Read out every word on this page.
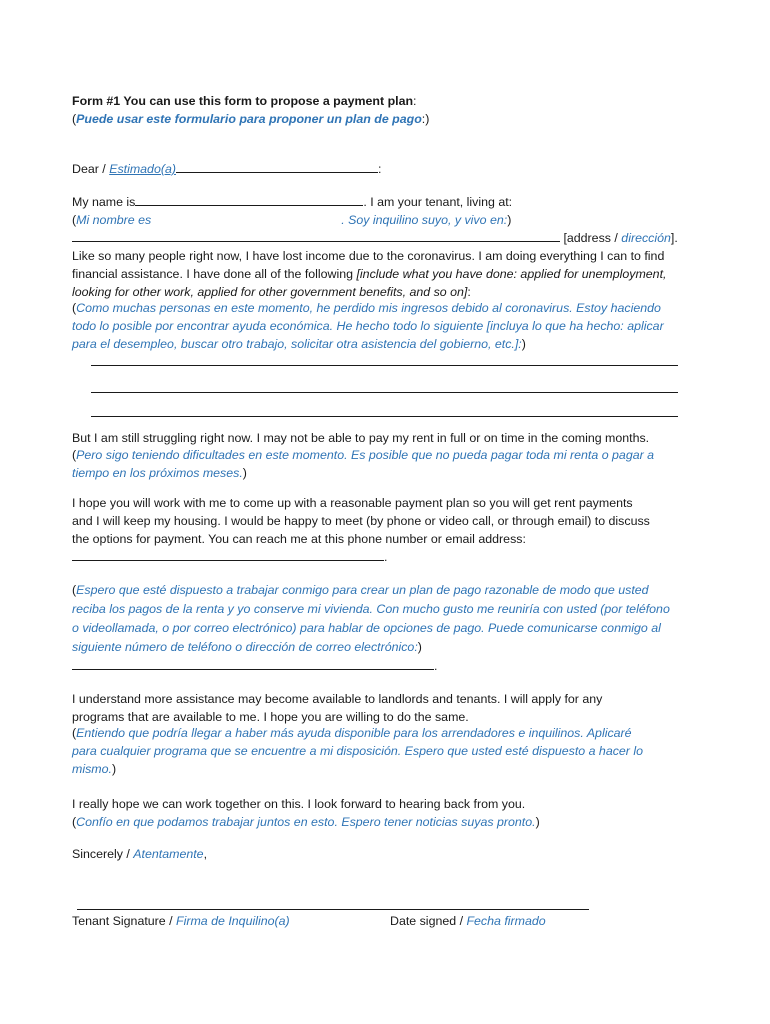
Form #1 You can use this form to propose a payment plan:
(Puede usar este formulario para proponer un plan de pago:)
Dear / Estimado(a)	:
My name is	. I am your tenant, living at:
(Mi nombre es	. Soy inquilino suyo, y vivo en:)
[address / dirección].
Like so many people right now, I have lost income due to the coronavirus. I am doing everything I can to find
financial assistance. I have done all of the following [include what you have done: applied for unemployment,
looking for other work, applied for other government benefits, and so on]:
(Como muchas personas en este momento, he perdido mis ingresos debido al coronavirus. Estoy haciendo
todo lo posible por encontrar ayuda económica. He hecho todo lo siguiente [incluya lo que ha hecho: aplicar
para el desempleo, buscar otro trabajo, solicitar otra asistencia del gobierno, etc.]:)
But I am still struggling right now. I may not be able to pay my rent in full or on time in the coming months.
(Pero sigo teniendo dificultades en este momento. Es posible que no pueda pagar toda mi renta o pagar a
tiempo en los próximos meses.)
I hope you will work with me to come up with a reasonable payment plan so you will get rent payments
and I will keep my housing. I would be happy to meet (by phone or video call, or through email) to discuss
the options for payment. You can reach me at this phone number or email address:
.
(Espero que esté dispuesto a trabajar conmigo para crear un plan de pago razonable de modo que usted
reciba los pagos de la renta y yo conserve mi vivienda. Con mucho gusto me reuniría con usted (por teléfono
o videollamada, o por correo electrónico) para hablar de opciones de pago. Puede comunicarse conmigo al
siguiente número de teléfono o dirección de correo electrónico:)
.
I understand more assistance may become available to landlords and tenants. I will apply for any
programs that are available to me. I hope you are willing to do the same.
(Entiendo que podría llegar a haber más ayuda disponible para los arrendadores e inquilinos. Aplicaré
para cualquier programa que se encuentre a mi disposición. Espero que usted esté dispuesto a hacer lo
mismo.)
I really hope we can work together on this. I look forward to hearing back from you.
(Confío en que podamos trabajar juntos en esto. Espero tener noticias suyas pronto.)
Sincerely / Atentamente,
Tenant Signature / Firma de Inquilino(a)	Date signed / Fecha firmado
